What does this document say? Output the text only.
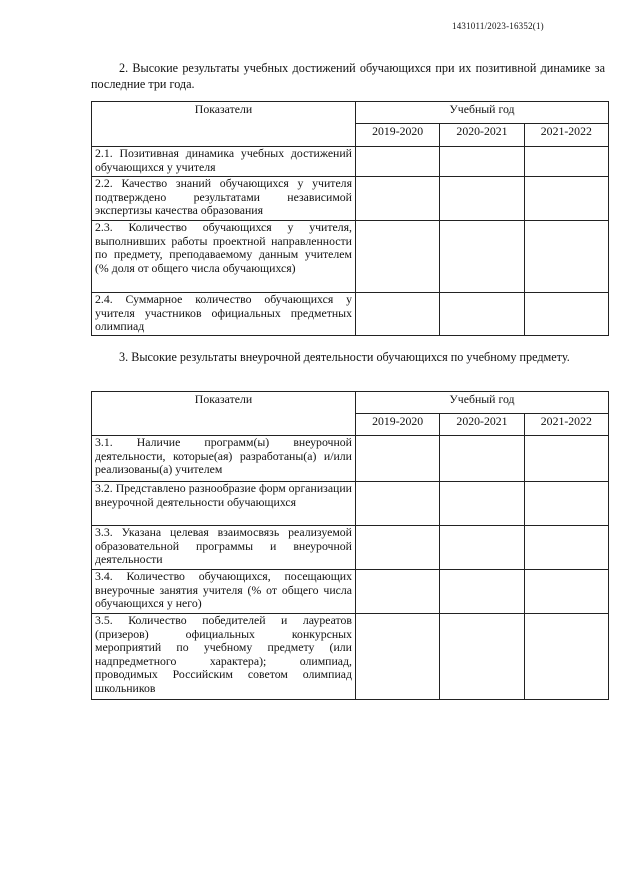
1431011/2023-16352(1)
2. Высокие результаты учебных достижений обучающихся при их позитивной динамике за последние три года.
Показатели	Учебный год		
	2019-2020	2020-2021	2021-2022
2.1. Позитивная динамика учебных достижений обучающихся у учителя			
2.2. Качество знаний обучающихся у учителя подтверждено результатами независимой экспертизы качества образования			
2.3. Количество обучающихся у учителя, выполнивших работы проектной направленности по предмету, преподаваемому данным учителем (% доля от общего числа обучающихся)			
2.4. Суммарное количество обучающихся у учителя участников официальных предметных олимпиад			
3. Высокие результаты внеурочной деятельности обучающихся по учебному предмету.
Показатели	Учебный год		
	2019-2020	2020-2021	2021-2022
3.1. Наличие программ(ы) внеурочной деятельности, которые(ая) разработаны(а) и/или реализованы(а) учителем			
3.2. Представлено разнообразие форм организации внеурочной деятельности обучающихся			
3.3. Указана целевая взаимосвязь реализуемой образовательной программы и внеурочной деятельности			
3.4. Количество обучающихся, посещающих внеурочные занятия учителя (% от общего числа обучающихся у него)			
3.5. Количество победителей и лауреатов (призеров) официальных конкурсных мероприятий по учебному предмету (или надпредметного характера); олимпиад, проводимых Российским советом олимпиад школьников			
